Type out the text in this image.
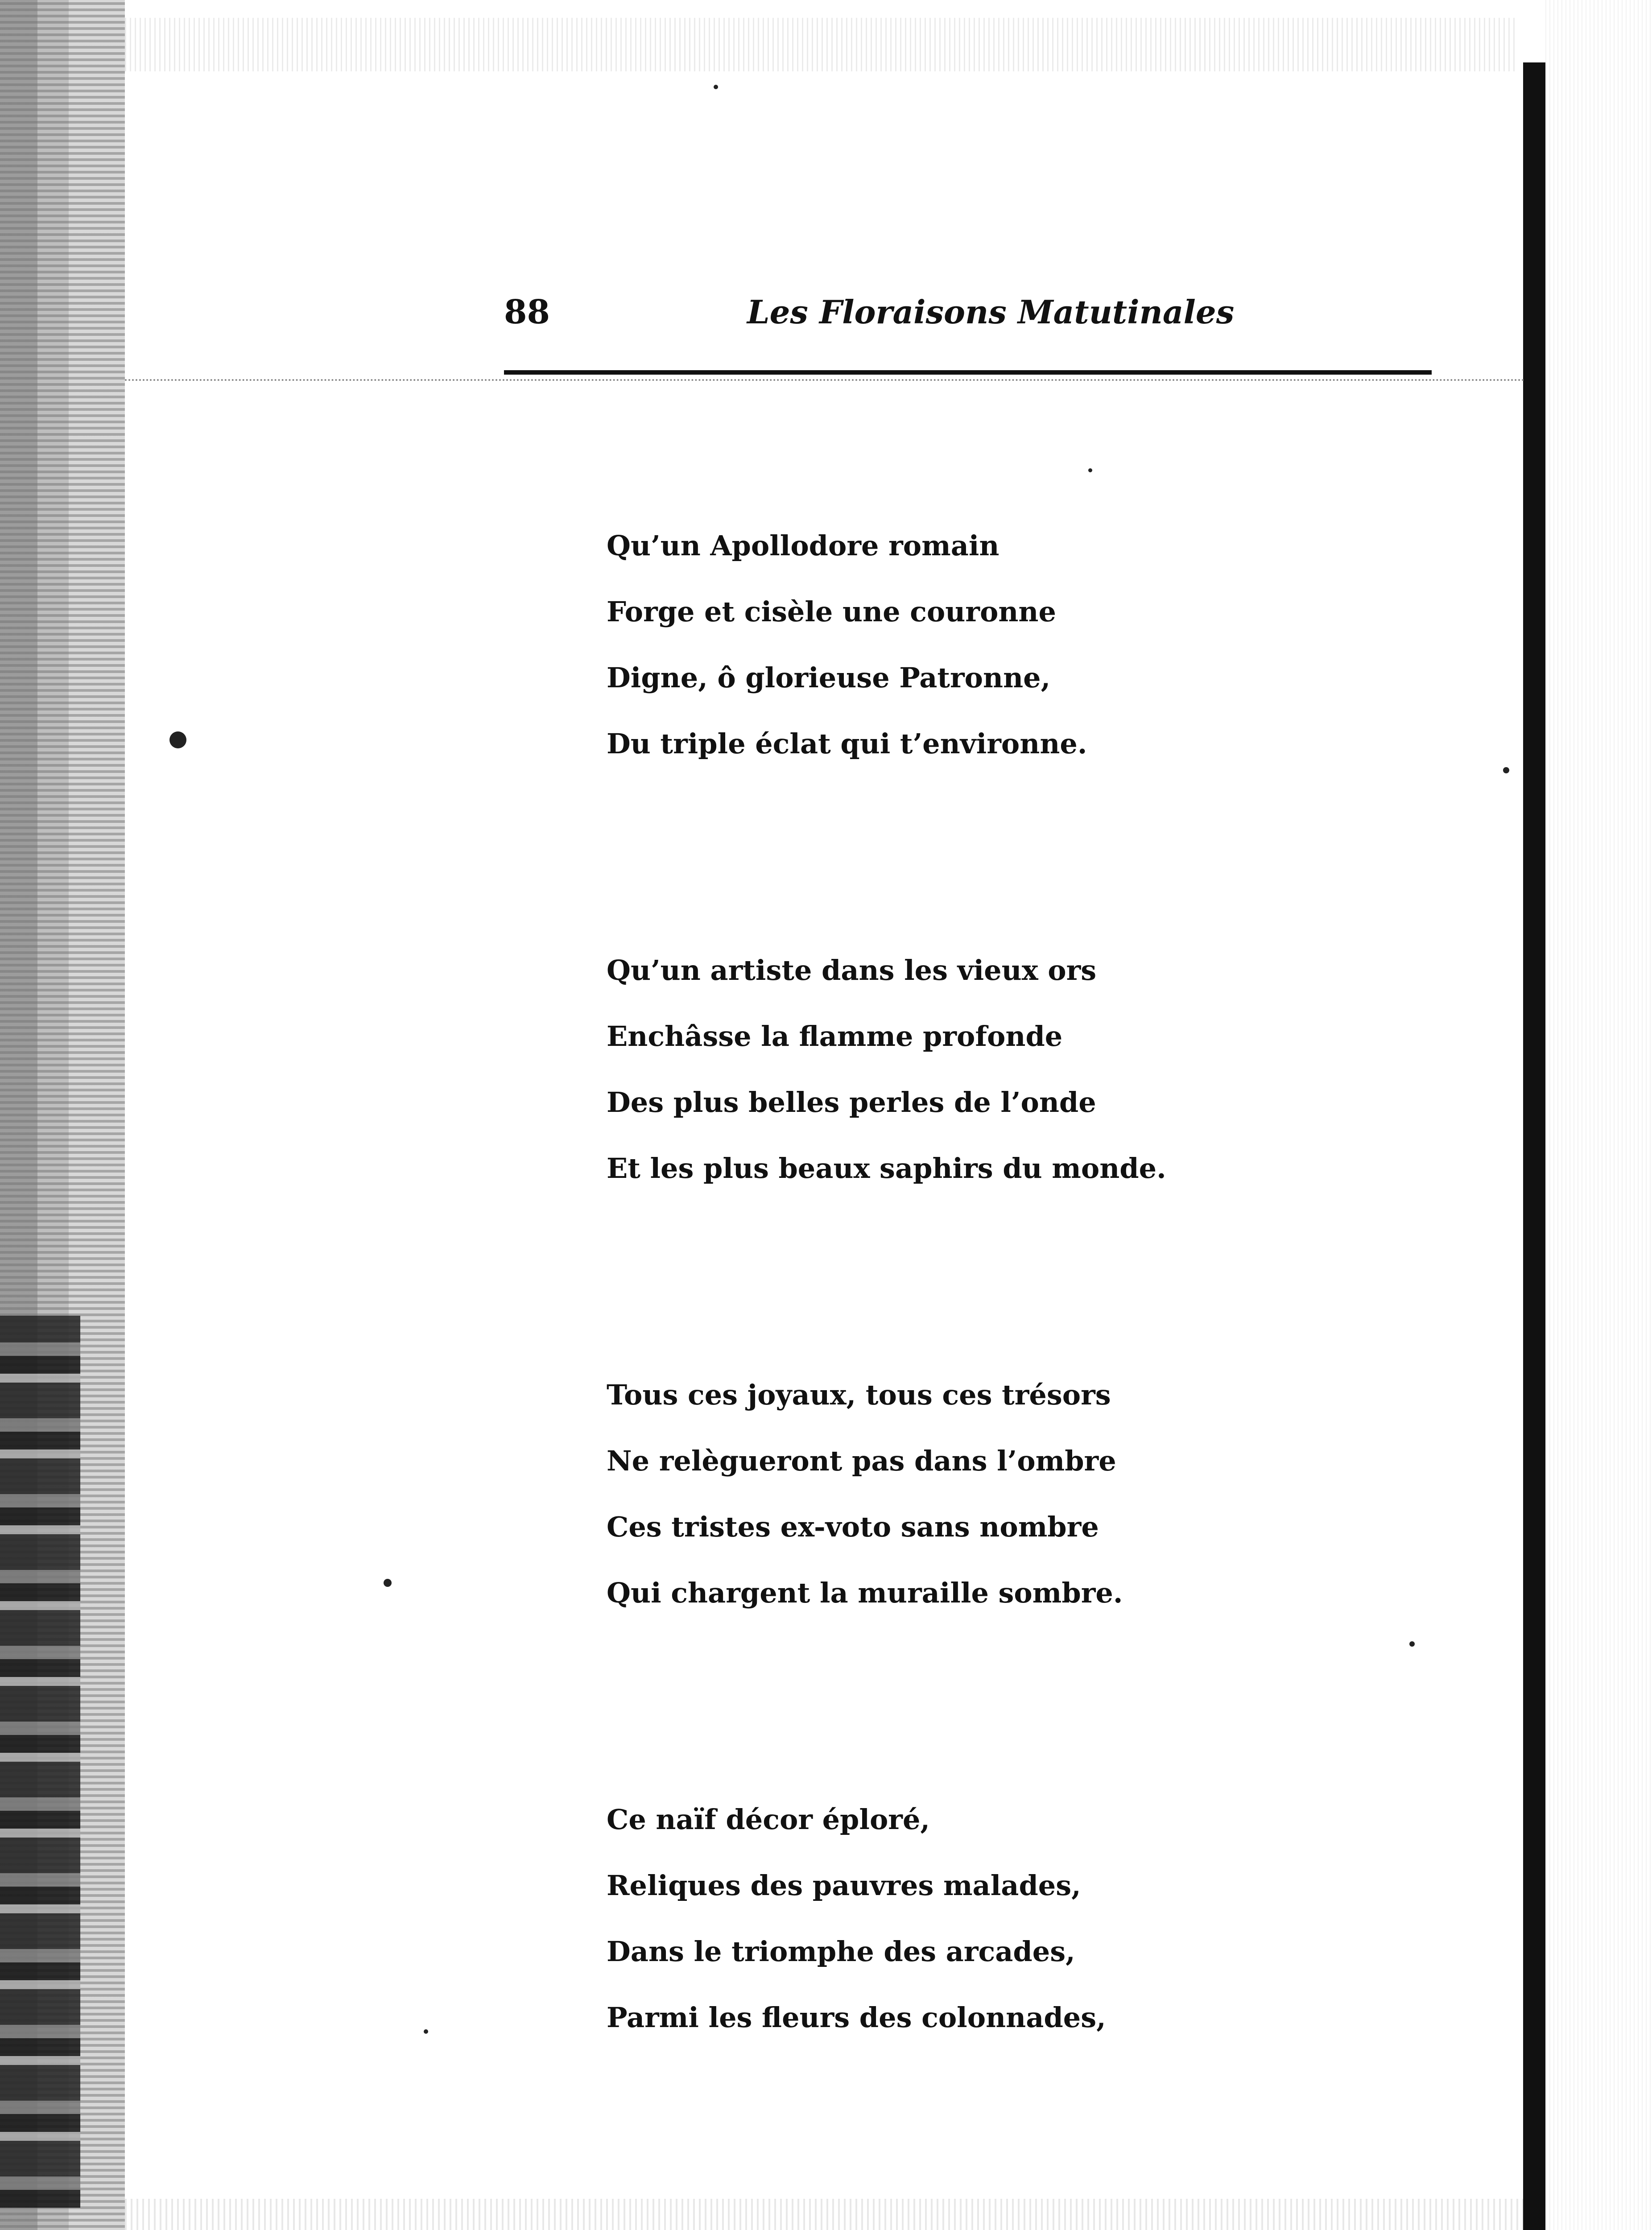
88	Les Floraisons Matutinales
Qu’un Apollodore romain
Forge et cisèle une couronne
Digne, ô glorieuse Patronne,
Du triple éclat qui t’environne.
Qu’un artiste dans les vieux ors
Enchâsse la flamme profonde
Des plus belles perles de l’onde
Et les plus beaux saphirs du monde.
Tous ces joyaux, tous ces trésors
Ne relègueront pas dans l’ombre
Ces tristes ex-voto sans nombre
Qui chargent la muraille sombre.
Ce naïf décor éploré,
Reliques des pauvres malades,
Dans le triomphe des arcades,
Parmi les fleurs des colonnades,
